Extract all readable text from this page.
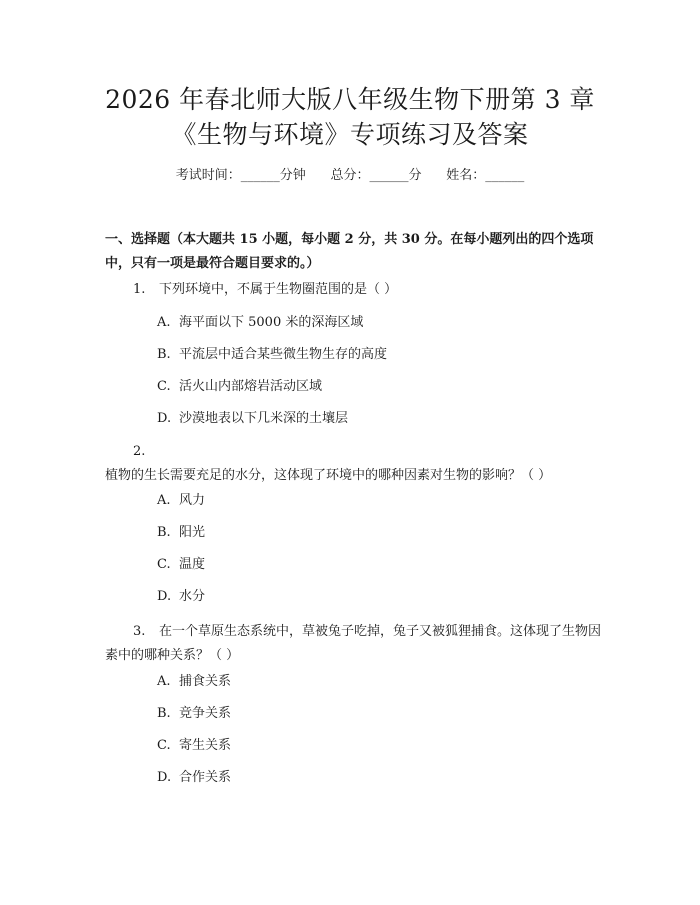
2026 年春北师大版八年级生物下册第 3 章
《生物与环境》专项练习及答案
考试时间：______分钟      总分：______分      姓名：______
一、选择题（本大题共 15 小题，每小题 2 分，共 30 分。在每小题列出的四个选项中，只有一项是最符合题目要求的。）
1. 下列环境中，不属于生物圈范围的是（ ）
A. 海平面以下 5000 米的深海区域
B. 平流层中适合某些微生物生存的高度
C. 活火山内部熔岩活动区域
D. 沙漠地表以下几米深的土壤层
2.植物的生长需要充足的水分，这体现了环境中的哪种因素对生物的影响？（ ）
A. 风力
B. 阳光
C. 温度
D. 水分
3. 在一个草原生态系统中，草被兔子吃掉，兔子又被狐狸捕食。这体现了生物因素中的哪种关系？（ ）
A. 捕食关系
B. 竞争关系
C. 寄生关系
D. 合作关系
